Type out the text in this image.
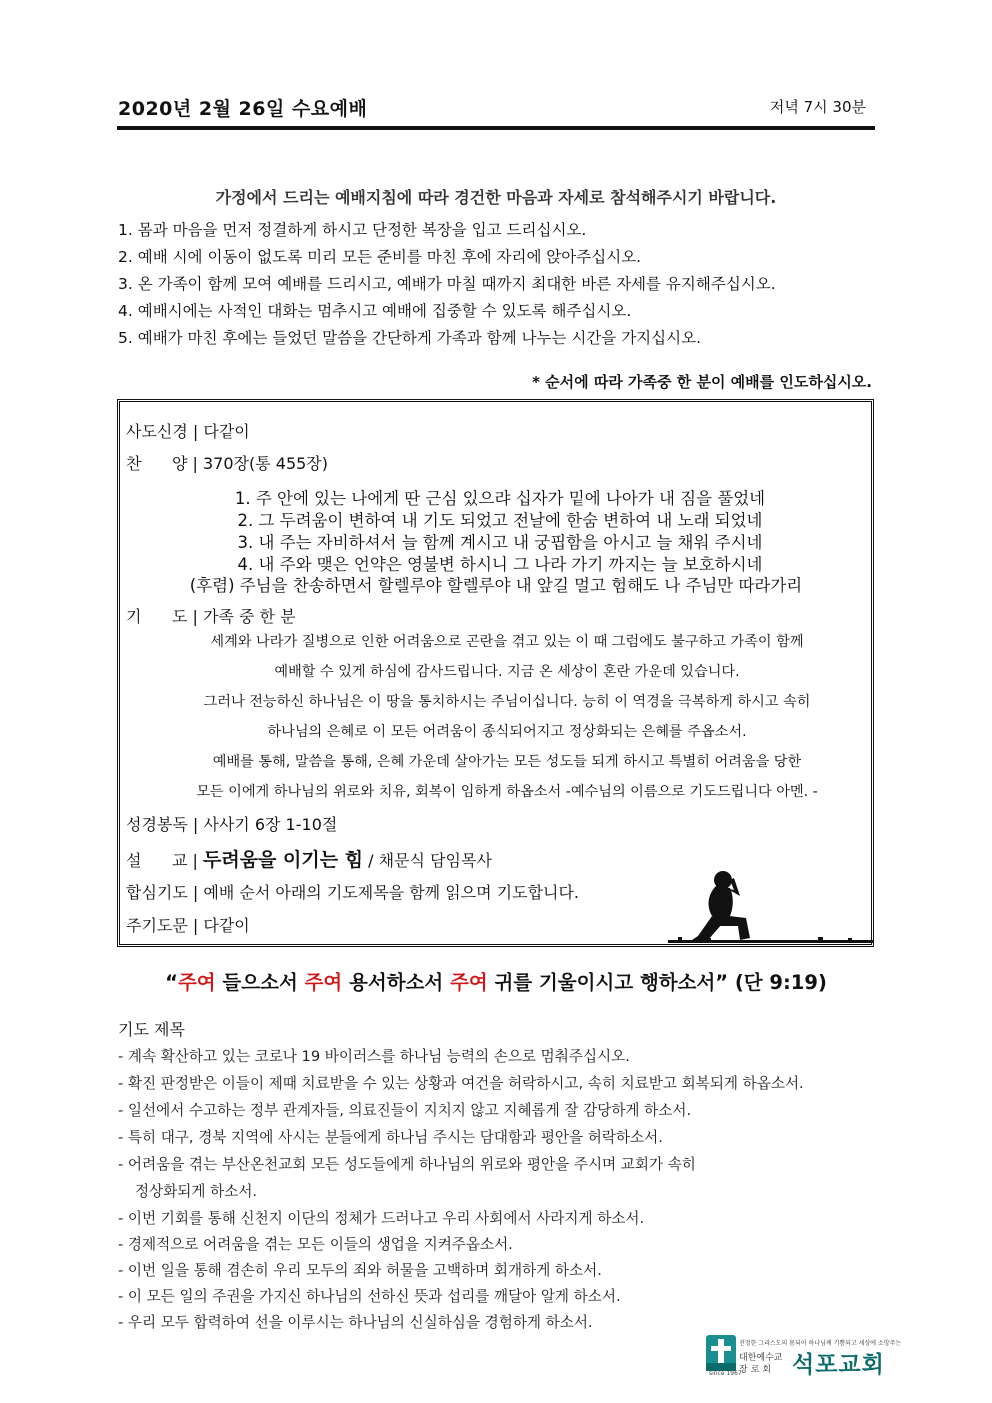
2020년 2월 26일 수요예배	저녁 7시 30분
가정에서 드리는 예배지침에 따라 경건한 마음과 자세로 참석해주시기 바랍니다.
1. 몸과 마음을 먼저 정결하게 하시고 단정한 복장을 입고 드리십시오.
2. 예배 시에 이동이 없도록 미리 모든 준비를 마친 후에 자리에 앉아주십시오.
3. 온 가족이 함께 모여 예배를 드리시고, 예배가 마칠 때까지 최대한 바른 자세를 유지해주십시오.
4. 예배시에는 사적인 대화는 멈추시고 예배에 집중할 수 있도록 해주십시오.
5. 예배가 마친 후에는 들었던 말씀을 간단하게 가족과 함께 나누는 시간을 가지십시오.
* 순서에 따라 가족중 한 분이 예배를 인도하십시오.
사도신경 | 다같이
찬      양 | 370장(통 455장)
1. 주 안에 있는 나에게 딴 근심 있으랴 십자가 밑에 나아가 내 짐을 풀었네
2. 그 두려움이 변하여 내 기도 되었고 전날에 한숨 변하여 내 노래 되었네
3. 내 주는 자비하셔서 늘 함께 계시고 내 궁핍함을 아시고 늘 채워 주시네
4. 내 주와 맺은 언약은 영불변 하시니 그 나라 가기 까지는 늘 보호하시네
(후렴) 주님을 찬송하면서 할렐루야 할렐루야 내 앞길 멀고 험해도 나 주님만 따라가리
기      도 | 가족 중 한 분
세계와 나라가 질병으로 인한 어려움으로 곤란을 겪고 있는 이 때 그럼에도 불구하고 가족이 함께
예배할 수 있게 하심에 감사드립니다. 지금 온 세상이 혼란 가운데 있습니다.
그러나 전능하신 하나님은 이 땅을 통치하시는 주님이십니다. 능히 이 역경을 극복하게 하시고 속히
하나님의 은혜로 이 모든 어려움이 종식되어지고 정상화되는 은혜를 주옵소서.
예배를 통해, 말씀을 통해, 은혜 가운데 살아가는 모든 성도들 되게 하시고 특별히 어려움을 당한
모든 이에게 하나님의 위로와 치유, 회복이 임하게 하옵소서 -예수님의 이름으로 기도드립니다 아멘. -
성경봉독 | 사사기 6장 1-10절
설      교 | 두려움을 이기는 힘 / 채문식 담임목사
합심기도 | 예배 순서 아래의 기도제목을 함께 읽으며 기도합니다.
주기도문 | 다같이
“주여 들으소서 주여 용서하소서 주여 귀를 기울이시고 행하소서” (단 9:19)
기도 제목
- 계속 확산하고 있는 코로나 19 바이러스를 하나님 능력의 손으로 멈춰주십시오.
- 확진 판정받은 이들이 제때 치료받을 수 있는 상황과 여건을 허락하시고, 속히 치료받고 회복되게 하옵소서.
- 일선에서 수고하는 정부 관계자들, 의료진들이 지치지 않고 지혜롭게 잘 감당하게 하소서.
- 특히 대구, 경북 지역에 사시는 분들에게 하나님 주시는 담대함과 평안을 허락하소서.
- 어려움을 겪는 부산온천교회 모든 성도들에게 하나님의 위로와 평안을 주시며 교회가 속히
정상화되게 하소서.
- 이번 기회를 통해 신천지 이단의 정체가 드러나고 우리 사회에서 사라지게 하소서.
- 경제적으로 어려움을 겪는 모든 이들의 생업을 지켜주옵소서.
- 이번 일을 통해 겸손히 우리 모두의 죄와 허물을 고백하며 회개하게 하소서.
- 이 모든 일의 주권을 가지신 하나님의 선하신 뜻과 섭리를 깨달아 알게 하소서.
- 우리 모두 합력하여 선을 이루시는 하나님의 신실하심을 경험하게 하소서.
진정한 그리스도의 몸되어 하나님께 기쁨되고 세상에 소망주는
대한예수교
장로회
since 1967 석포교회
